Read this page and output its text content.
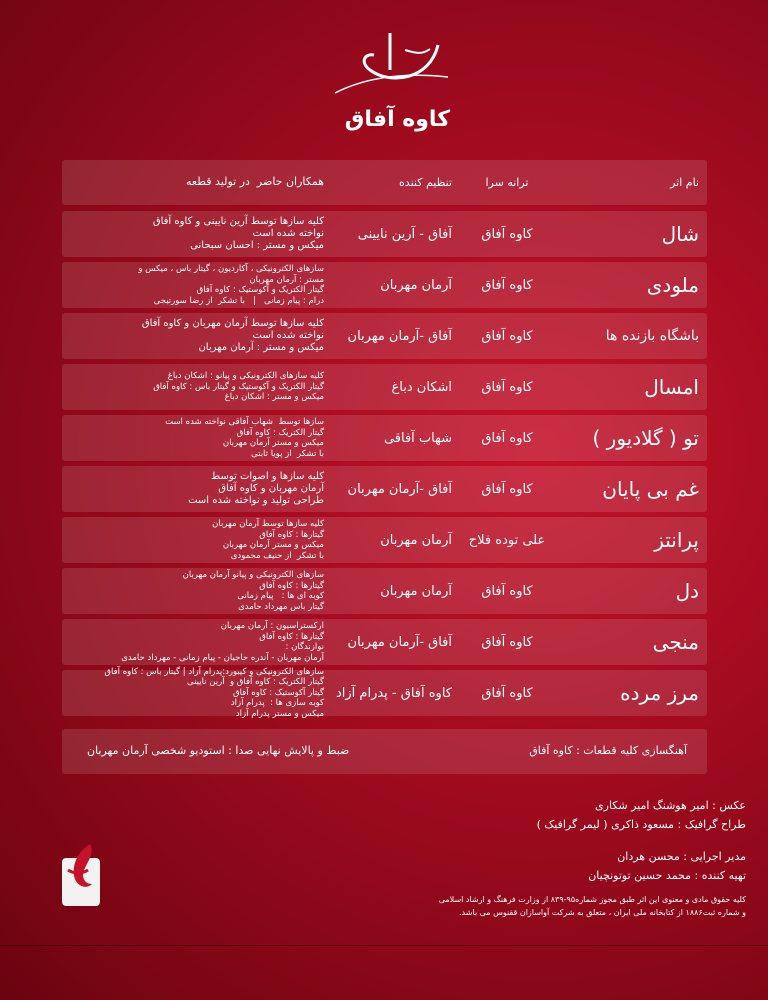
کاوه آفاق
نام اثر
ترانه سرا
تنظیم کننده
همکاران حاضر  در تولید قطعه
شال
کاوه آفاق
آفاق - آرین نایینی
کلیه سازها توسط آرین نایینی و کاوه آفاق
نواخته شده است
میکس و مستر : احسان سبحانی
ملودی
کاوه آفاق
آرمان مهربان
سازهای الکترونیکی ، آکاردیون ، گیتار باس ، میکس و
مستر : آرمان مهربان
گیتار الکتریک و آکوستیک : کاوه آفاق
درام : پیام زمانی   |   با تشکر  از رضا سورتیجی
باشگاه بازنده ها
کاوه آفاق
آفاق -آرمان مهربان
کلیه سازها توسط آرمان مهربان و کاوه آفاق
نواخته شده است
میکس و مستر : آرمان مهربان
امسال
کاوه آفاق
اشکان دباغ
کلیه سازهای الکترونیکی و پیانو : اشکان دباغ
گیتار الکتریک و آکوستیک و گیتار باس : کاوه آفاق
میکس و مستر : اشکان دباغ
تو ( گلادیور )
کاوه آفاق
شهاب آفاقی
سازها توسط  شهاب آفاقی نواخته شده است
گیتار الکتریک : کاوه آفاق
میکس و مستر آرمان مهربان
با تشکر  از پویا ثابتی
غم بی پایان
کاوه آفاق
آفاق -آرمان مهربان
کلیه سازها و اصوات توسط
آرمان مهربان و کاوه آفاق
طراحی تولید و نواخته شده است
پرانتز
علی توده فلاح
آرمان مهربان
کلیه سازها توسط آرمان مهربان
گیتارها : کاوه آفاق
میکس و مستر آرمان مهربان
با تشکر  از حنیف محمودی
دل
کاوه آفاق
آرمان مهربان
سازهای الکترونیکی و پیانو آرمان مهربان
گیتارها : کاوه آفاق
کوبه ای ها :   پیام زمانی
گیتار باس مهرداد حامدی
منجی
کاوه آفاق
آفاق -آرمان مهربان
ارکستراسیون : آرمان مهربان
گیتارها : کاوه آفاق
نوازندگان :
آرمان مهربان - آندره حاجیان - پیام زمانی - مهرداد حامدی
مرز مرده
کاوه آفاق
کاوه آفاق - پدرام آزاد
سازهای الکترونیکی و کیبورد:پدرام آزاد | گیتار باس : کاوه آفاق
گیتار الکتریک : کاوه آفاق و  آرین نایینی
گیتار آکوستیک : کاوه آفاق
کوبه سازی ها :  پدرام آزاد
میکس و مستر پدرام آزاد
آهنگسازی کلیه قطعات : کاوه آفاق
ضبط و پالایش نهایی صدا : استودیو شخصی آرمان مهربان
عکس : امیر هوشنگ امیر شکاری
طراح گرافیک : مسعود ذاکری ( لیمر گرافیک )
مدیر اجرایی : محسن هردان
تهیه کننده : محمد حسین توتونچیان
کلیه حقوق مادی و معنوی این اثر طبق مجوز شماره۹۵-۸۳۹ از وزارت فرهنگ و ارشاد اسلامی
و شماره ثبت۱۸۸۶ از کتابخانه ملی ایران ، متعلق به شرکت آواسازان ققنوس می باشد.
